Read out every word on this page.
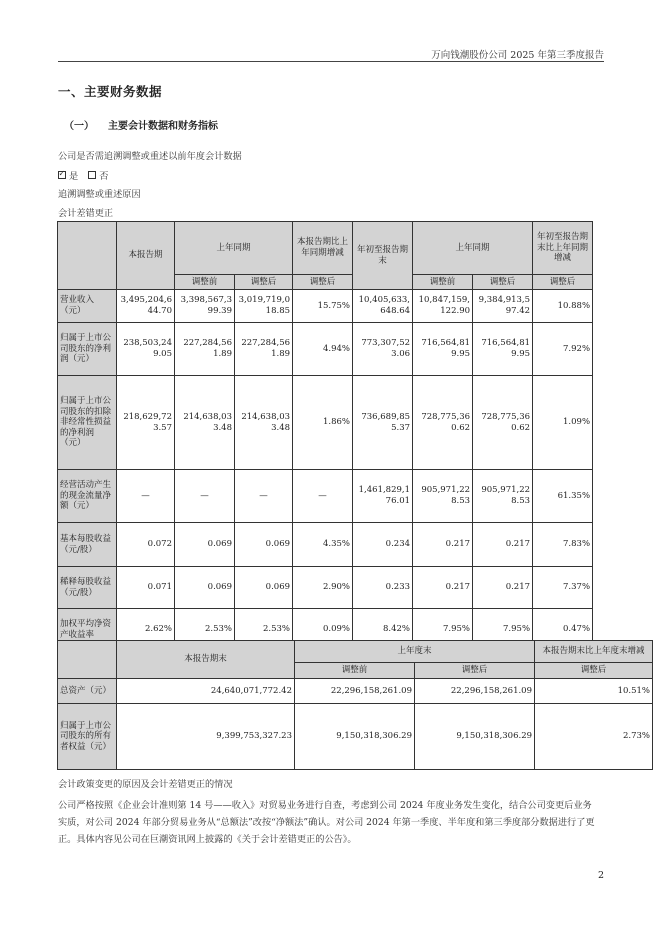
万向钱潮股份公司 2025 年第三季度报告
一、主要财务数据
（一） 主要会计数据和财务指标
公司是否需追溯调整或重述以前年度会计数据
✓
是 否
追溯调整或重述原因
会计差错更正
	本报告期	上年同期		本报告期比上年同期增减	年初至报告期末	上年同期		年初至报告期末比上年同期增减
		调整前	调整后	调整后		调整前	调整后	调整后
营业收入（元）	3,495,204,644.70	3,398,567,399.39	3,019,719,018.85	15.75%	10,405,633,648.64	10,847,159,122.90	9,384,913,597.42	10.88%
归属于上市公司股东的净利润（元）	238,503,249.05	227,284,561.89	227,284,561.89	4.94%	773,307,523.06	716,564,819.95	716,564,819.95	7.92%
归属于上市公司股东的扣除非经常性损益的净利润（元）	218,629,723.57	214,638,033.48	214,638,033.48	1.86%	736,689,855.37	728,775,360.62	728,775,360.62	1.09%
经营活动产生的现金流量净额（元）	—	—	—	—	1,461,829,176.01	905,971,228.53	905,971,228.53	61.35%
基本每股收益（元/股）	0.072	0.069	0.069	4.35%	0.234	0.217	0.217	7.83%
稀释每股收益（元/股）	0.071	0.069	0.069	2.90%	0.233	0.217	0.217	7.37%
加权平均净资产收益率	2.62%	2.53%	2.53%	0.09%	8.42%	7.95%	7.95%	0.47%
	本报告期末	上年度末		本报告期末比上年度末增减
		调整前	调整后	调整后
总资产（元）	24,640,071,772.42	22,296,158,261.09	22,296,158,261.09	10.51%
归属于上市公司股东的所有者权益（元）	9,399,753,327.23	9,150,318,306.29	9,150,318,306.29	2.73%
会计政策变更的原因及会计差错更正的情况
公司严格按照《企业会计准则第 14 号——收入》对贸易业务进行自查，考虑到公司 2024 年度业务发生变化，结合公司变更后业务实质，对公司 2024 年部分贸易业务从“总额法”改按“净额法”确认。对公司 2024 年第一季度、半年度和第三季度部分数据进行了更正。具体内容见公司在巨潮资讯网上披露的《关于会计差错更正的公告》。
2
